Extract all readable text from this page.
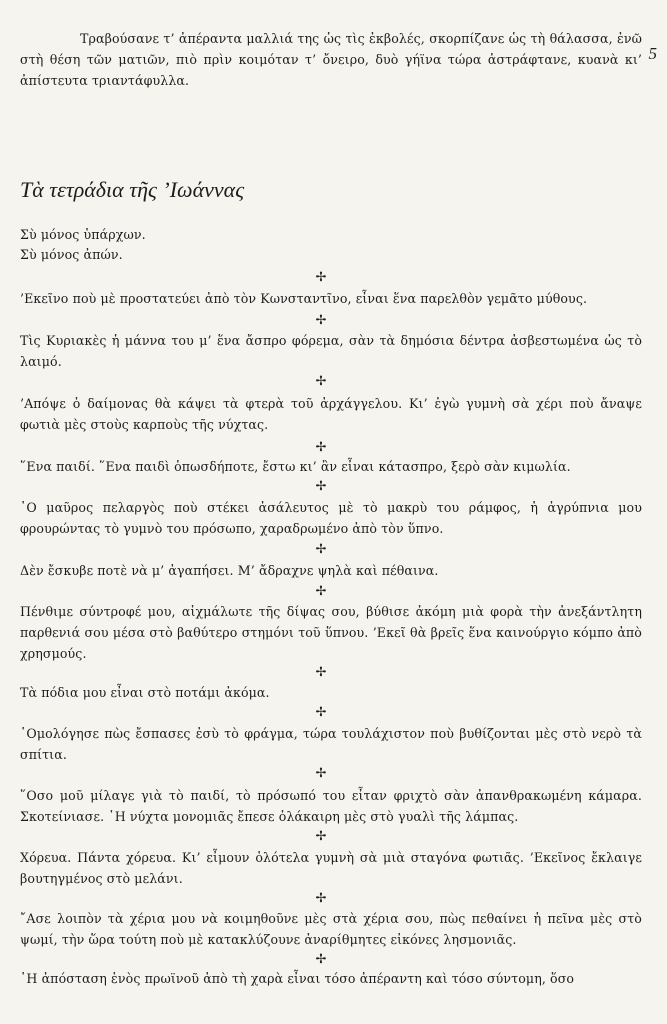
5

Τραβούσανε τ’ ἀπέραντα μαλλιά της ὡς τὶς ἐκβολές, σκορπίζανε ὡς τὴ θάλασσα, ἐνῶ στὴ θέση τῶν ματιῶν, πιὸ πρὶν κοιμόταν τ’ ὄνειρο, δυὸ γήϊνα τώρα ἀστράφτανε, κυανὰ κι’ ἀπίστευτα τριαντάφυλλα.

Τὰ τετράδια τῆς ’Ιωάννας

Σὺ μόνος ὑπάρχων.

Σὺ μόνος ἀπών.

✢

’Εκεῖνο ποὺ μὲ προστατεύει ἀπὸ τὸν Κωνσταντῖνο, εἶναι ἕνα παρελθὸν γεμᾶτο μύθους.

✢

Τὶς Κυριακὲς ἡ μάννα του μ’ ἕνα ἄσπρο φόρεμα, σὰν τὰ δημόσια δέντρα ἀσβεστωμένα ὡς τὸ λαιμό.

✢

’Απόψε ὁ δαίμονας θὰ κάψει τὰ φτερὰ τοῦ ἀρχάγγελου. Κι’ ἐγὼ γυμνὴ σὰ χέρι ποὺ ἄναψε φωτιὰ μὲς στοὺς καρποὺς τῆς νύχτας.

✢

῞Ενα παιδί. ῞Ενα παιδὶ ὁπωσδήποτε, ἔστω κι’ ἂν εἶναι κάτασπρο, ξερὸ σὰν κιμωλία.

✢

῾Ο μαῦρος πελαργὸς ποὺ στέκει ἀσάλευτος μὲ τὸ μακρὺ του ράμφος, ἡ ἀγρύπνια μου φρουρώντας τὸ γυμνὸ του πρόσωπο, χαραδρωμένο ἀπὸ τὸν ὕπνο.

✢

Δὲν ἔσκυβε ποτὲ νὰ μ’ ἀγαπήσει. Μ’ ἄδραχνε ψηλὰ καὶ πέθαινα.

✢

Πένθιμε σύντροφέ μου, αἰχμάλωτε τῆς δίψας σου, βύθισε ἀκόμη μιὰ φορὰ τὴν ἀνεξάντλητη παρθενιά σου μέσα στὸ βαθύτερο στημόνι τοῦ ὕπνου. ’Εκεῖ θὰ βρεῖς ἕνα καινούργιο κόμπο ἀπὸ χρησμούς.

✢

Τὰ πόδια μου εἶναι στὸ ποτάμι ἀκόμα.

✢

῾Ομολόγησε πὼς ἔσπασες ἐσὺ τὸ φράγμα, τώρα τουλάχιστον ποὺ βυθίζονται μὲς στὸ νερὸ τὰ σπίτια.

✢

῞Οσο μοῦ μίλαγε γιὰ τὸ παιδί, τὸ πρόσωπό του εἶταν φριχτὸ σὰν ἀπανθρακωμένη κάμαρα. Σκοτείνιασε. ῾Η νύχτα μονομιᾶς ἔπεσε ὁλάκαιρη μὲς στὸ γυαλὶ τῆς λάμπας.

✢

Χόρευα. Πάντα χόρευα. Κι’ εἶμουν ὁλότελα γυμνὴ σὰ μιὰ σταγόνα φωτιᾶς. ’Εκεῖνος ἔκλαιγε βουτηγμένος στὸ μελάνι.

✢

῎Ασε λοιπὸν τὰ χέρια μου νὰ κοιμηθοῦνε μὲς στὰ χέρια σου, πὼς πεθαίνει ἡ πεῖνα μὲς στὸ ψωμί, τὴν ὥρα τούτη ποὺ μὲ κατακλύζουνε ἀναρίθμητες εἰκόνες λησμονιᾶς.

✢

῾Η ἀπόσταση ἑνὸς πρωϊνοῦ ἀπὸ τὴ χαρὰ εἶναι τόσο ἀπέραντη καὶ τόσο σύντομη, ὅσο
